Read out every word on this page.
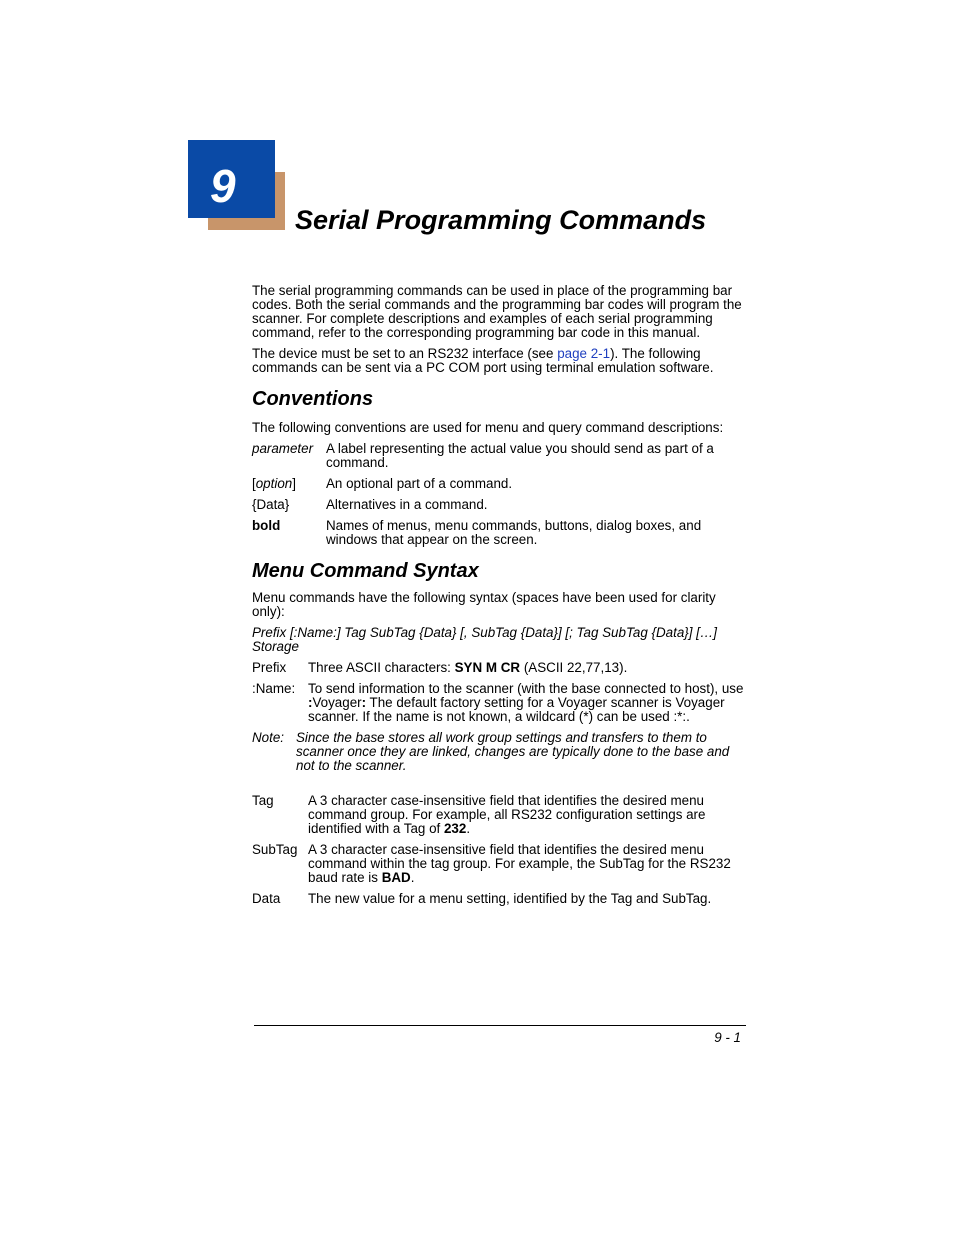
9
Serial Programming Commands

The serial programming commands can be used in place of the programming bar codes. Both the serial commands and the programming bar codes will program the scanner. For complete descriptions and examples of each serial programming command, refer to the corresponding programming bar code in this manual.

The device must be set to an RS232 interface (see page 2-1). The following commands can be sent via a PC COM port using terminal emulation software.

Conventions

The following conventions are used for menu and query command descriptions:

parameter A label representing the actual value you should send as part of a command.
[option]	An optional part of a command.
{Data}	Alternatives in a command.
bold	Names of menus, menu commands, buttons, dialog boxes, and windows that appear on the screen.
Menu Command Syntax

Menu commands have the following syntax (spaces have been used for clarity only):

Prefix [:Name:] Tag SubTag {Data} [, SubTag {Data}] [; Tag SubTag {Data}] […] Storage

Prefix	Three ASCII characters: SYN M CR (ASCII 22,77,13).
:Name: To send information to the scanner (with the base connected to host), use :Voyager: The default factory setting for a Voyager scanner is Voyager scanner. If the name is not known, a wildcard (*) can be used :*:.
Note: Since the base stores all work group settings and transfers to them to scanner once they are linked, changes are typically done to the base and not to the scanner.
Tag	A 3 character case-insensitive field that identifies the desired menu command group. For example, all RS232 configuration settings are identified with a Tag of 232.
SubTag A 3 character case-insensitive field that identifies the desired menu command within the tag group. For example, the SubTag for the RS232 baud rate is BAD.
Data	The new value for a menu setting, identified by the Tag and SubTag.
9 - 1
